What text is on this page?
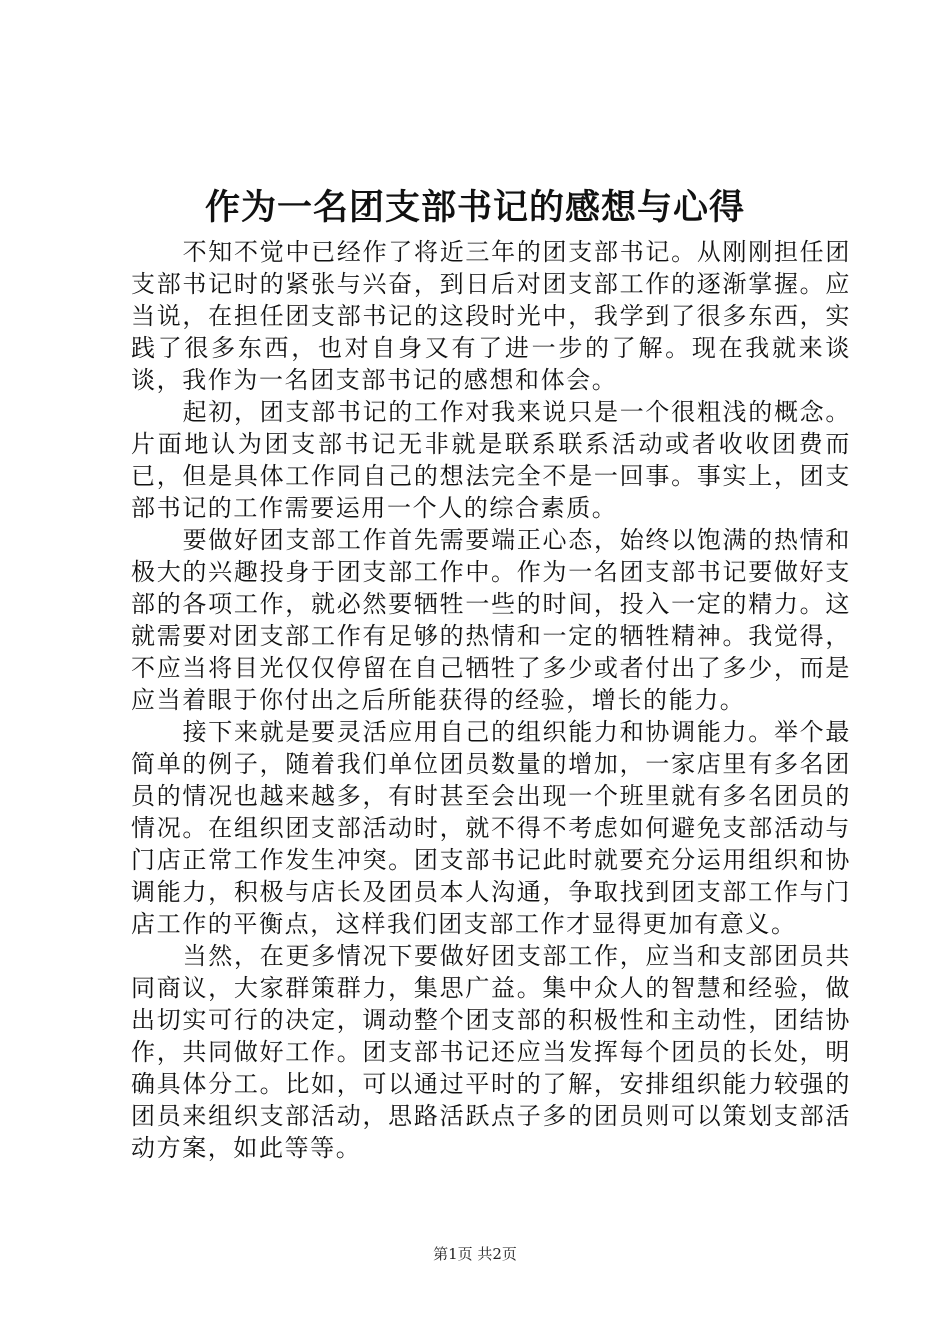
作为一名团支部书记的感想与心得

不知不觉中已经作了将近三年的团支部书记。从刚刚担任团支部书记时的紧张与兴奋，到日后对团支部工作的逐渐掌握。应当说，在担任团支部书记的这段时光中，我学到了很多东西，实践了很多东西，也对自身又有了进一步的了解。现在我就来谈谈，我作为一名团支部书记的感想和体会。

起初，团支部书记的工作对我来说只是一个很粗浅的概念。片面地认为团支部书记无非就是联系联系活动或者收收团费而已，但是具体工作同自己的想法完全不是一回事。事实上，团支部书记的工作需要运用一个人的综合素质。

要做好团支部工作首先需要端正心态，始终以饱满的热情和极大的兴趣投身于团支部工作中。作为一名团支部书记要做好支部的各项工作，就必然要牺牲一些的时间，投入一定的精力。这就需要对团支部工作有足够的热情和一定的牺牲精神。我觉得，不应当将目光仅仅停留在自己牺牲了多少或者付出了多少，而是应当着眼于你付出之后所能获得的经验，增长的能力。

接下来就是要灵活应用自己的组织能力和协调能力。举个最简单的例子，随着我们单位团员数量的增加，一家店里有多名团员的情况也越来越多，有时甚至会出现一个班里就有多名团员的情况。在组织团支部活动时，就不得不考虑如何避免支部活动与门店正常工作发生冲突。团支部书记此时就要充分运用组织和协调能力，积极与店长及团员本人沟通，争取找到团支部工作与门店工作的平衡点，这样我们团支部工作才显得更加有意义。

当然，在更多情况下要做好团支部工作，应当和支部团员共同商议，大家群策群力，集思广益。集中众人的智慧和经验，做出切实可行的决定，调动整个团支部的积极性和主动性，团结协作，共同做好工作。团支部书记还应当发挥每个团员的长处，明确具体分工。比如，可以通过平时的了解，安排组织能力较强的团员来组织支部活动，思路活跃点子多的团员则可以策划支部活动方案，如此等等。

第1页 共2页
